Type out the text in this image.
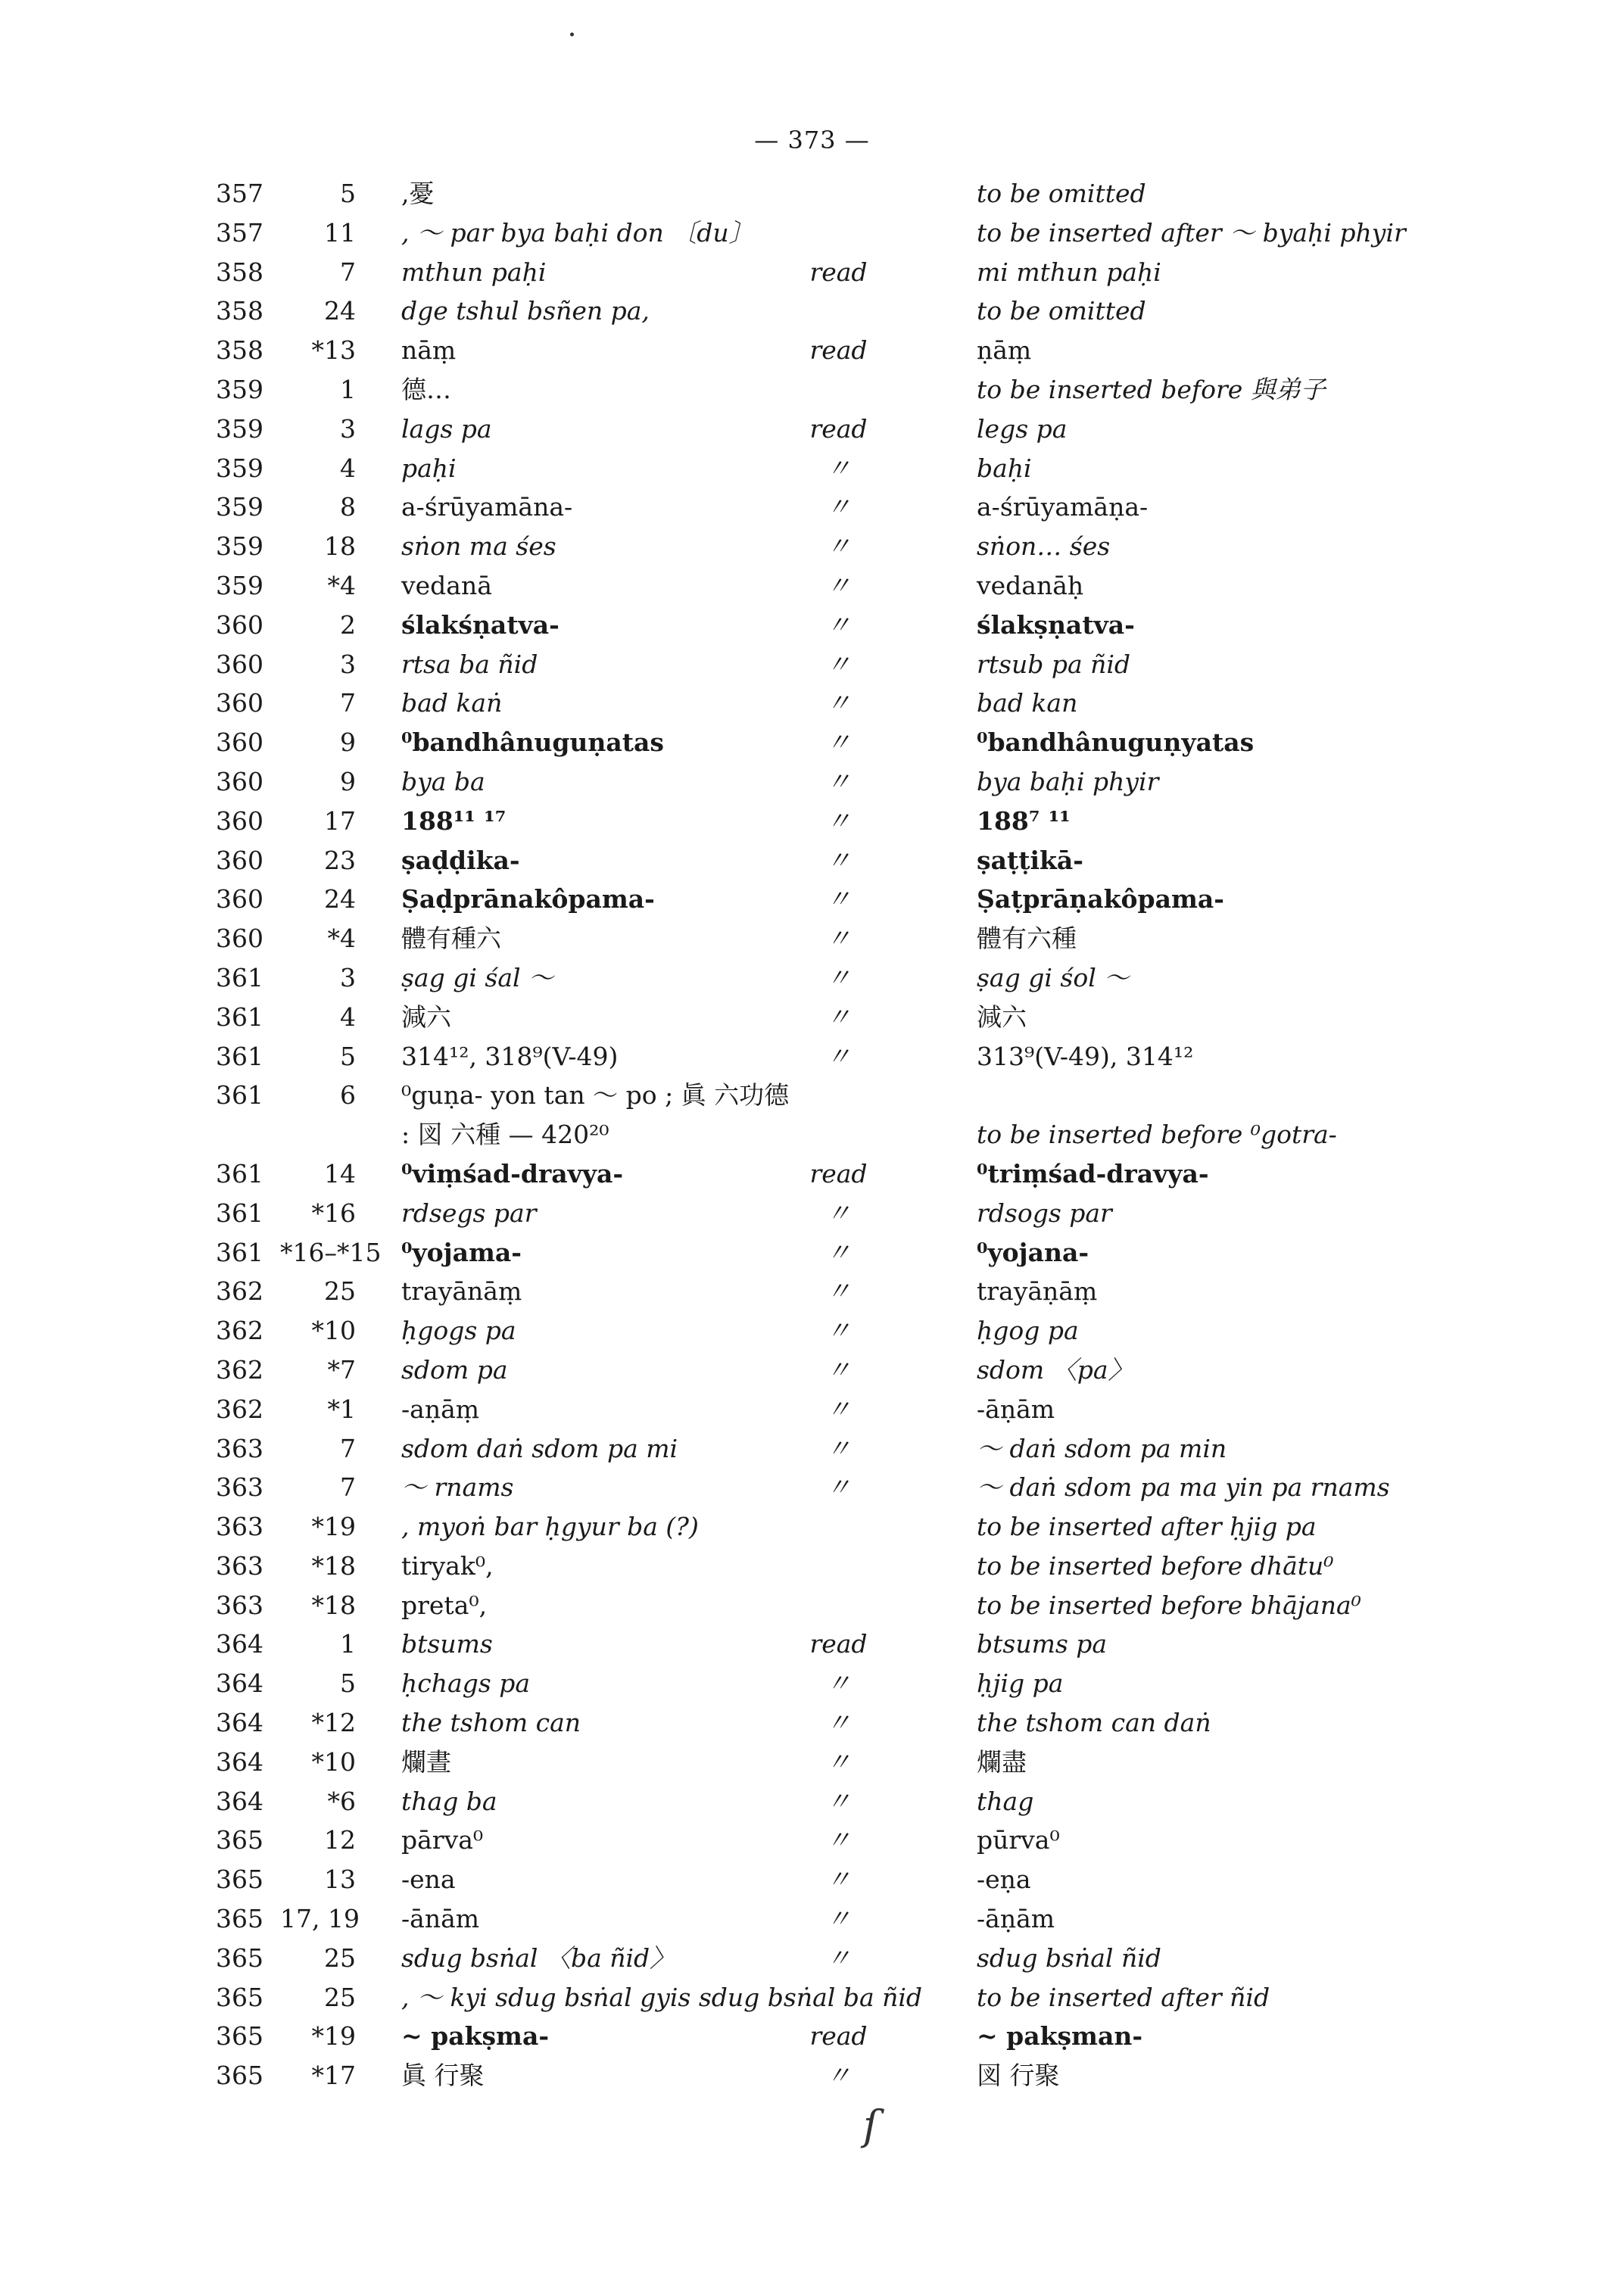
— 373 —
357	5 ,憂	to be omitted
357	11 , ～ par bya baḥi don 〔du〕	to be inserted after ～ byaḥi phyir
358	7 mthun paḥi	read	mi mthun paḥi
358	24 dge tshul bsñen pa,	to be omitted
358	*13 nāṃ	read	ṇāṃ
359	1 德…	to be inserted before 與弟子
359	3 lags pa	read	legs pa
359	4 paḥi	〃	baḥi
359	8 a-śrūyamāna-	〃	a-śrūyamāṇa-
359	18 sṅon ma śes	〃	sṅon… śes
359	*4 vedanā	〃	vedanāḥ
360	2 ślakśṇatva-	〃	ślakṣṇatva-
360	3 rtsa ba ñid	〃	rtsub pa ñid
360	7 bad kaṅ	〃	bad kan
360	9 ⁰bandhânuguṇatas	〃	⁰bandhânuguṇyatas
360	9 bya ba	〃	bya baḥi phyir
360	17 188¹¹ ¹⁷	〃	188⁷ ¹¹
360	23 ṣaḍḍika-	〃	ṣaṭṭikā-
360	24 Ṣaḍprānakôpama-	〃	Ṣaṭprāṇakôpama-
360	*4 體有種六	〃	體有六種
361	3 ṣag gi śal ～	〃	ṣag gi śol ～
361	4 減六	〃	減六
361	5 314¹², 318⁹(V-49)	〃	313⁹(V-49), 314¹²
361	6 ⁰guṇa- yon tan ～ po ; 眞 六功德
: 図 六種 — 420²⁰	to be inserted before ⁰gotra-
361	14 ⁰viṃśad-dravya-	read	⁰triṃśad-dravya-
361	*16 rdsegs par	〃	rdsogs par
361 *16–*15 ⁰yojama-	〃	⁰yojana-
362	25 trayānāṃ	〃	trayāṇāṃ
362	*10 ḥgogs pa	〃	ḥgog pa
362	*7 sdom pa	〃	sdom 〈pa〉
362	*1 -aṇāṃ	〃	-āṇām
363	7 sdom daṅ sdom pa mi	〃	～ daṅ sdom pa min
363	7 ～ rnams	〃	～ daṅ sdom pa ma yin pa rnams
363	*19 , myoṅ bar ḥgyur ba (?)	to be inserted after ḥjig pa
363	*18 tiryak⁰,	to be inserted before dhātu⁰
363	*18 preta⁰,	to be inserted before bhājana⁰
364	1 btsums	read	btsums pa
364	5 ḥchags pa	〃	ḥjig pa
364	*12 the tshom can	〃	the tshom can daṅ
364	*10 爛晝	〃	爛盡
364	*6 thag ba	〃	thag
365	12 pārva⁰	〃	pūrva⁰
365	13 -ena	〃	-eṇa
365 17, 19 -ānām	〃	-āṇām
365	25 sdug bsṅal 〈ba ñid〉	〃	sdug bsṅal ñid
365	25 , ～ kyi sdug bsṅal gyis sdug bsṅal ba ñid to be inserted after ñid
365	*19 ~ pakṣma-	read	~ pakṣman-
365	*17 眞 行聚	〃	図 行聚
ſ
